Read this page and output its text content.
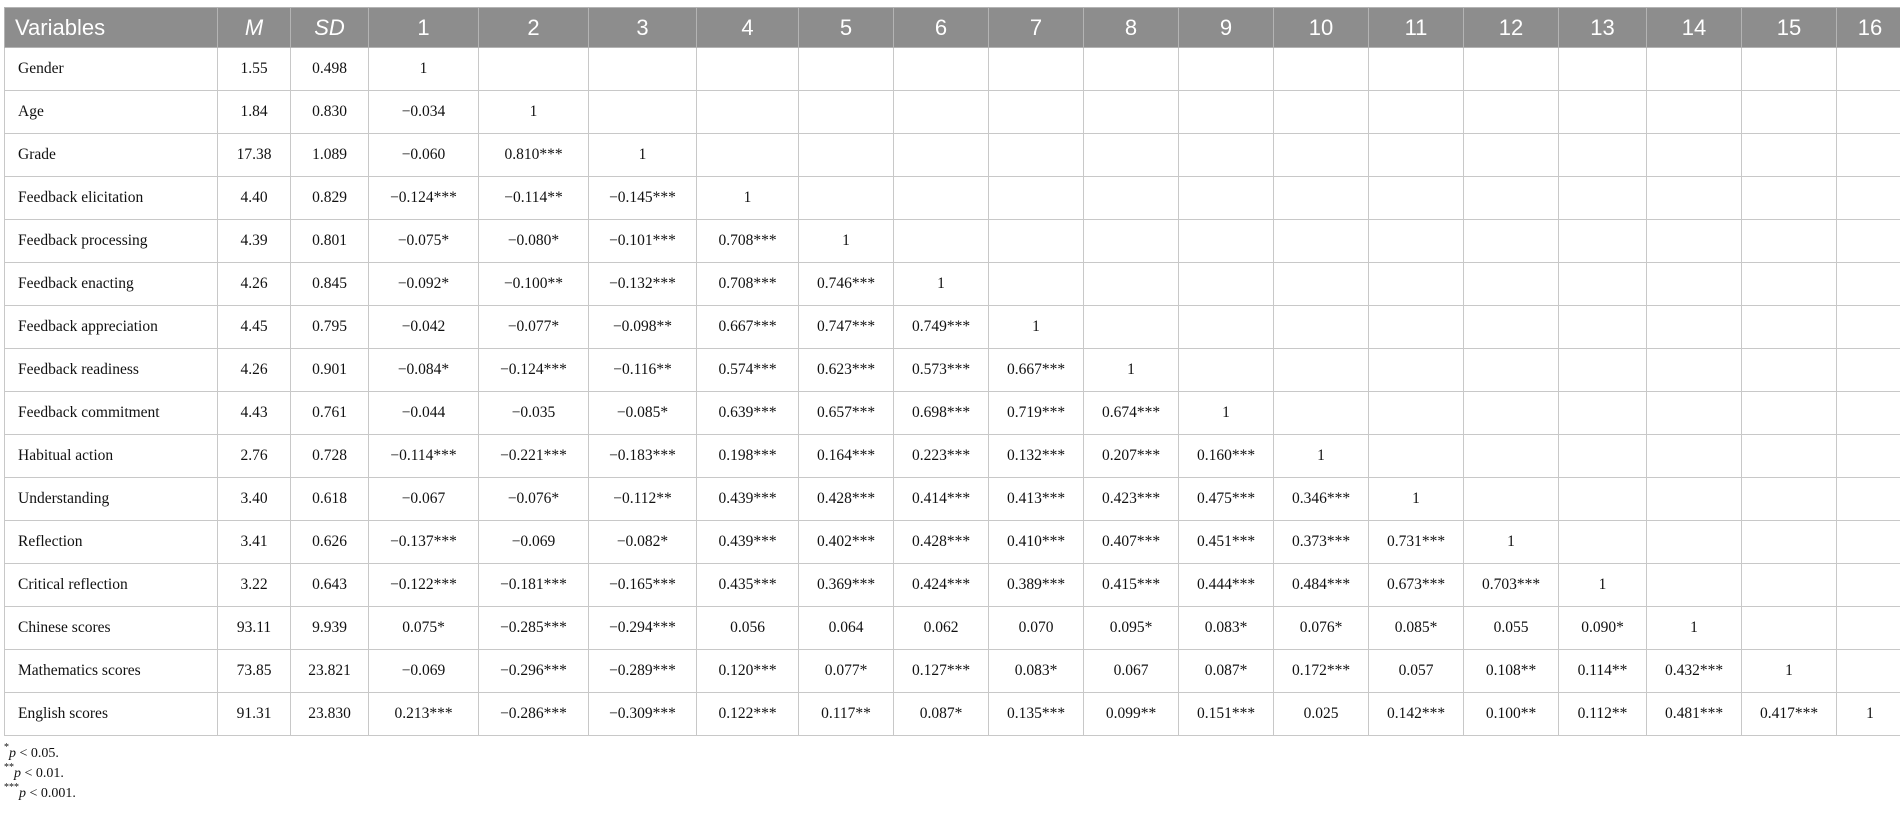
Variables	M	SD	1	2	3	4	5	6	7	8	9	10	11	12	13	14	15	16
Gender	1.55	0.498	1															
Age	1.84	0.830	−0.034	1														
Grade	17.38	1.089	−0.060	0.810***	1													
Feedback elicitation	4.40	0.829	−0.124***	−0.114**	−0.145***	1												
Feedback processing	4.39	0.801	−0.075*	−0.080*	−0.101***	0.708***	1											
Feedback enacting	4.26	0.845	−0.092*	−0.100**	−0.132***	0.708***	0.746***	1										
Feedback appreciation	4.45	0.795	−0.042	−0.077*	−0.098**	0.667***	0.747***	0.749***	1									
Feedback readiness	4.26	0.901	−0.084*	−0.124***	−0.116**	0.574***	0.623***	0.573***	0.667***	1								
Feedback commitment	4.43	0.761	−0.044	−0.035	−0.085*	0.639***	0.657***	0.698***	0.719***	0.674***	1							
Habitual action	2.76	0.728	−0.114***	−0.221***	−0.183***	0.198***	0.164***	0.223***	0.132***	0.207***	0.160***	1						
Understanding	3.40	0.618	−0.067	−0.076*	−0.112**	0.439***	0.428***	0.414***	0.413***	0.423***	0.475***	0.346***	1					
Reflection	3.41	0.626	−0.137***	−0.069	−0.082*	0.439***	0.402***	0.428***	0.410***	0.407***	0.451***	0.373***	0.731***	1				
Critical reflection	3.22	0.643	−0.122***	−0.181***	−0.165***	0.435***	0.369***	0.424***	0.389***	0.415***	0.444***	0.484***	0.673***	0.703***	1			
Chinese scores	93.11	9.939	0.075*	−0.285***	−0.294***	0.056	0.064	0.062	0.070	0.095*	0.083*	0.076*	0.085*	0.055	0.090*	1		
Mathematics scores	73.85	23.821	−0.069	−0.296***	−0.289***	0.120***	0.077*	0.127***	0.083*	0.067	0.087*	0.172***	0.057	0.108**	0.114**	0.432***	1	
English scores	91.31	23.830	0.213***	−0.286***	−0.309***	0.122***	0.117**	0.087*	0.135***	0.099**	0.151***	0.025	0.142***	0.100**	0.112**	0.481***	0.417***	1
*p < 0.05.
**p < 0.01.
***p < 0.001.
